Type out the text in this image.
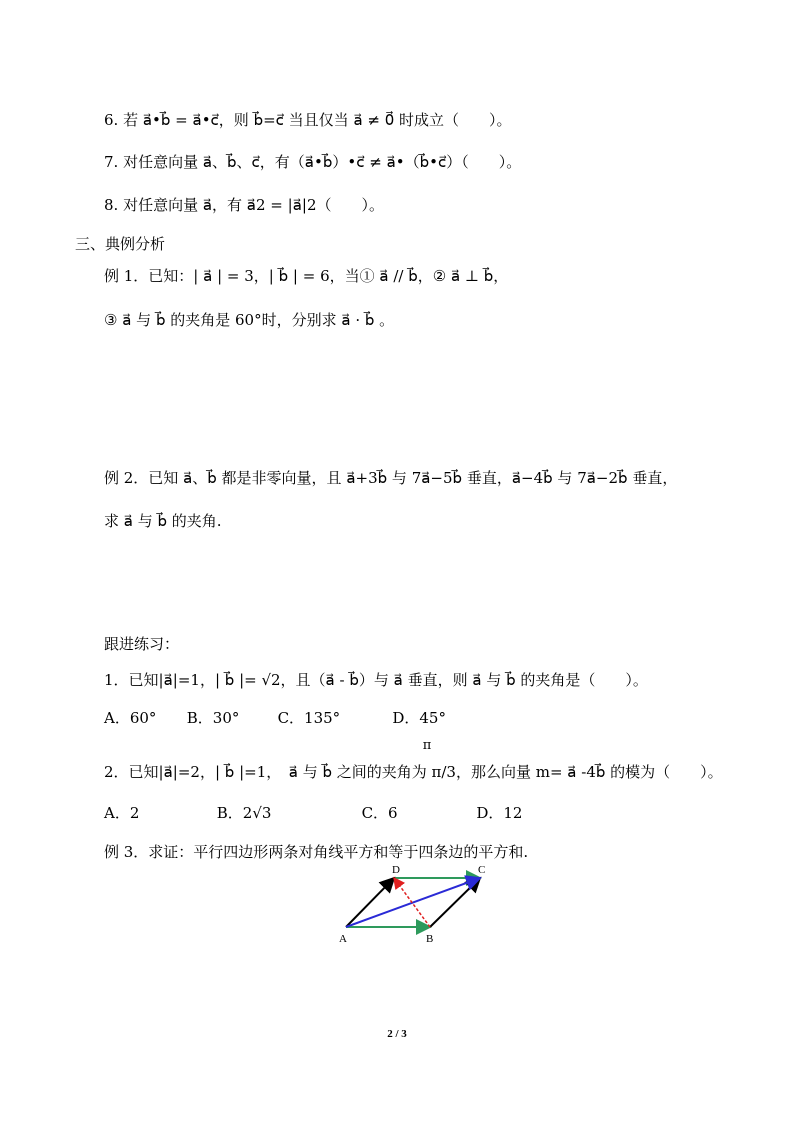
6. 若 a⃗•b⃗ = a⃗•c⃗，则 b⃗=c⃗ 当且仅当 a⃗ ≠ 0⃗ 时成立（　　）。
7. 对任意向量 a⃗、b⃗、c⃗，有（a⃗•b⃗）•c⃗ ≠ a⃗•（b⃗•c⃗）（　　）。
8. 对任意向量 a⃗，有 a⃗2 = |a⃗|2（　　）。
三、典例分析
例 1．已知：| a⃗ | = 3，| b⃗ | = 6，当① a⃗ // b⃗，② a⃗ ⊥ b⃗，
③ a⃗ 与 b⃗ 的夹角是 60°时，分别求 a⃗ · b⃗ 。
例 2．已知 a⃗、b⃗ 都是非零向量，且 a⃗+3b⃗ 与 7a⃗−5b⃗ 垂直，a⃗−4b⃗ 与 7a⃗−2b⃗ 垂直，
求 a⃗ 与 b⃗ 的夹角.
跟进练习：
1．已知|a⃗|=1，| b⃗ |= √2，且（a⃗ - b⃗）与 a⃗ 垂直，则 a⃗ 与 b⃗ 的夹角是（　　）。
A．60° B．30°	C．135°	D．45°
π
2．已知|a⃗|=2，| b⃗ |=1，　a⃗ 与 b⃗ 之间的夹角为 π/3，那么向量 m= a⃗ -4b⃗ 的模为（　　）。
A．2	B．2√3	C．6	D．12
例 3．求证：平行四边形两条对角线平方和等于四条边的平方和.
A	B
C
D
2 / 3
